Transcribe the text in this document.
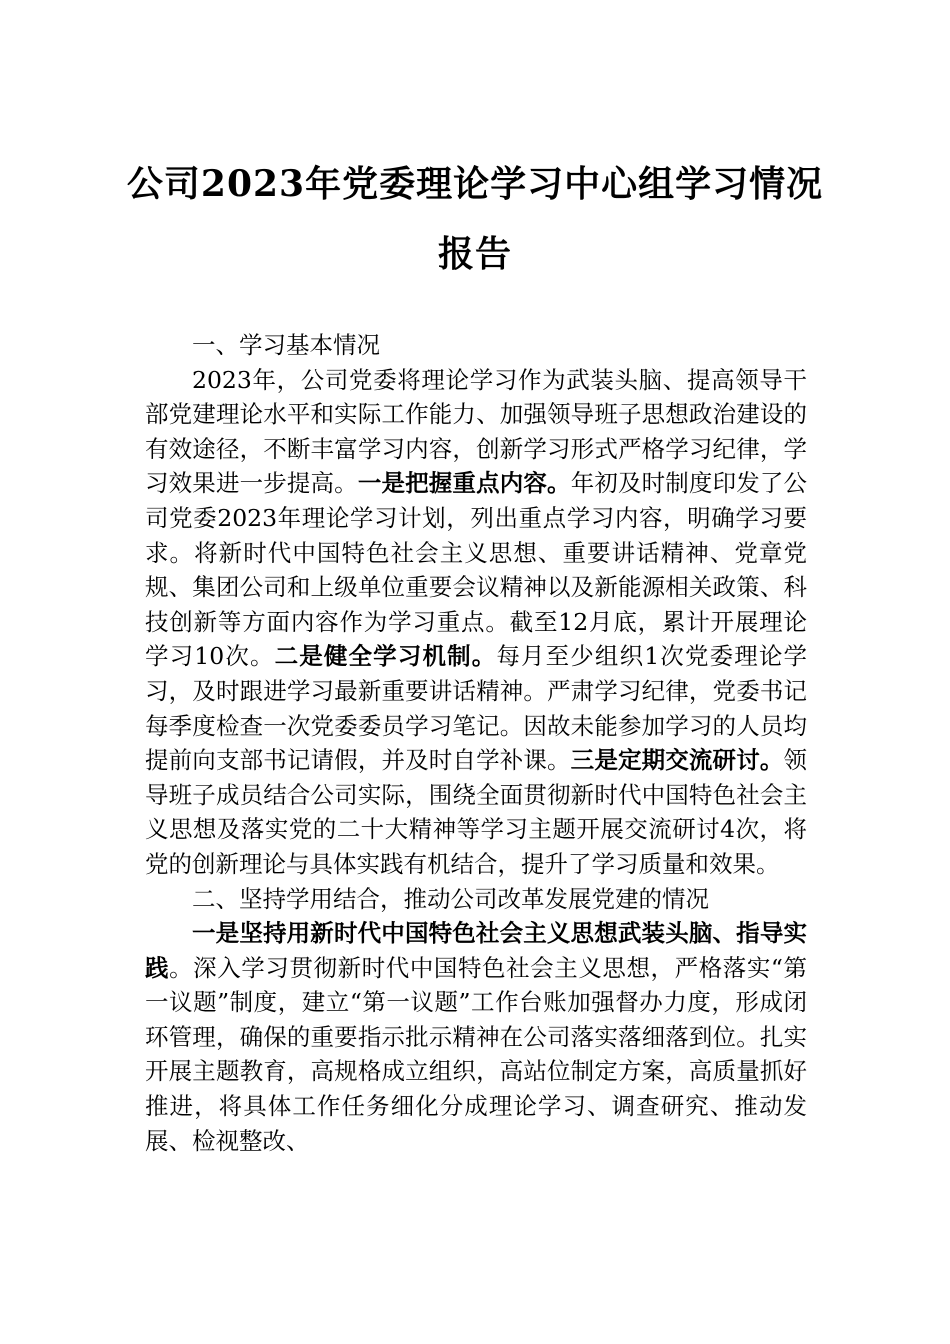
公司2023年党委理论学习中心组学习情况
报告

一、学习基本情况

2023年，公司党委将理论学习作为武装头脑、提高领导干部党建理论水平和实际工作能力、加强领导班子思想政治建设的有效途径，不断丰富学习内容，创新学习形式严格学习纪律，学习效果进一步提高。一是把握重点内容。年初及时制度印发了公司党委2023年理论学习计划，列出重点学习内容，明确学习要求。将新时代中国特色社会主义思想、重要讲话精神、党章党规、集团公司和上级单位重要会议精神以及新能源相关政策、科技创新等方面内容作为学习重点。截至12月底，累计开展理论学习10次。二是健全学习机制。每月至少组织1次党委理论学习，及时跟进学习最新重要讲话精神。严肃学习纪律，党委书记每季度检查一次党委委员学习笔记。因故未能参加学习的人员均提前向支部书记请假，并及时自学补课。三是定期交流研讨。领导班子成员结合公司实际，围绕全面贯彻新时代中国特色社会主义思想及落实党的二十大精神等学习主题开展交流研讨4次，将党的创新理论与具体实践有机结合，提升了学习质量和效果。

二、坚持学用结合，推动公司改革发展党建的情况

一是坚持用新时代中国特色社会主义思想武装头脑、指导实践。深入学习贯彻新时代中国特色社会主义思想，严格落实“第一议题”制度，建立“第一议题”工作台账加强督办力度，形成闭环管理，确保的重要指示批示精神在公司落实落细落到位。扎实开展主题教育，高规格成立组织，高站位制定方案，高质量抓好推进，将具体工作任务细化分成理论学习、调查研究、推动发展、检视整改、
